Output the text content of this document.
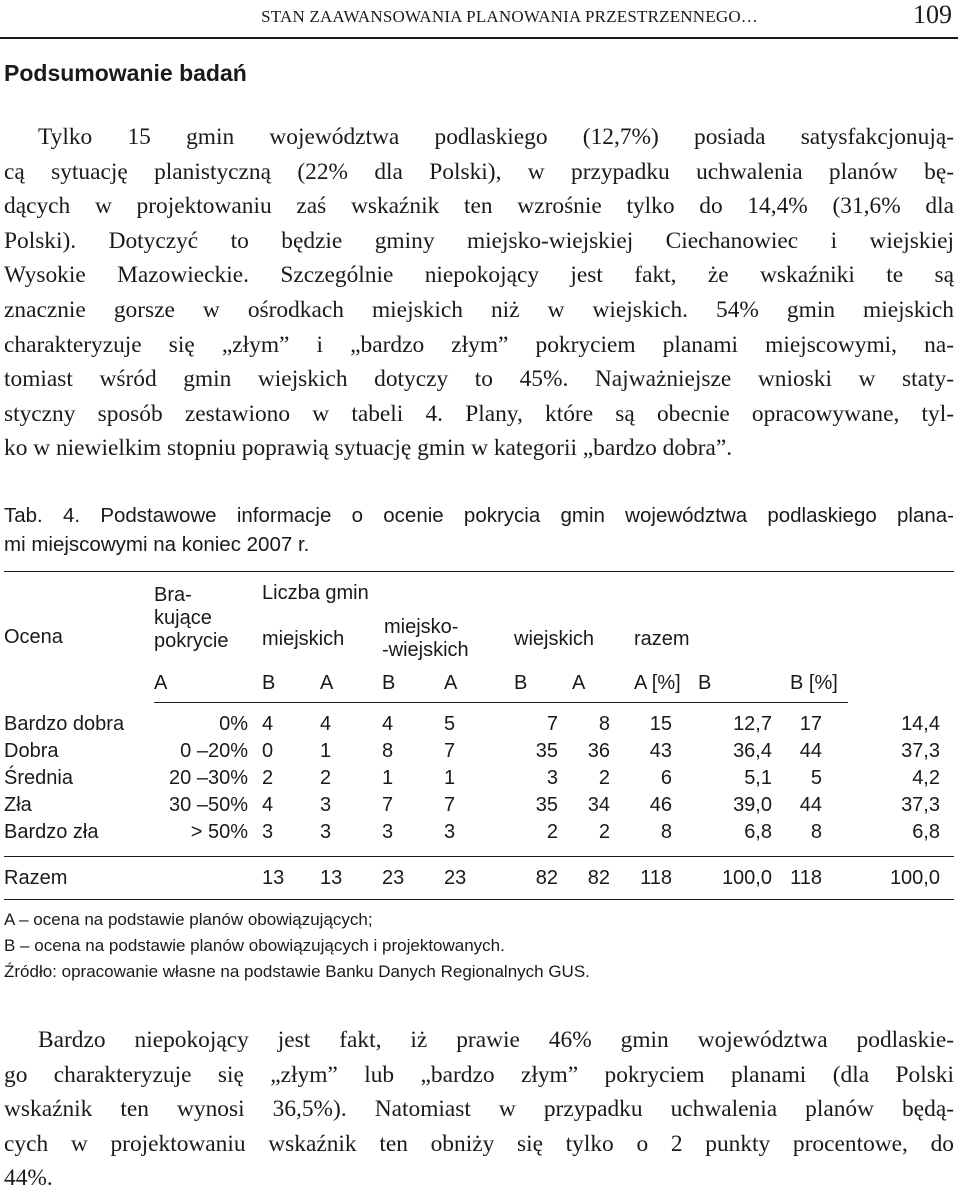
STAN ZAAWANSOWANIA PLANOWANIA PRZESTRZENNEGO…	109
Podsumowanie badań
Tylko 15 gmin województwa podlaskiego (12,7%) posiada satysfakcjonują-
cą sytuację planistyczną (22% dla Polski), w przypadku uchwalenia planów bę-
dących w projektowaniu zaś wskaźnik ten wzrośnie tylko do 14,4% (31,6% dla
Polski). Dotyczyć to będzie gminy miejsko-wiejskiej Ciechanowiec i wiejskiej
Wysokie Mazowieckie. Szczególnie niepokojący jest fakt, że wskaźniki te są
znacznie gorsze w ośrodkach miejskich niż w wiejskich. 54% gmin miejskich
charakteryzuje się „złym” i „bardzo złym” pokryciem planami miejscowymi, na-
tomiast wśród gmin wiejskich dotyczy to 45%. Najważniejsze wnioski w staty-
styczny sposób zestawiono w tabeli 4. Plany, które są obecnie opracowywane, tyl-
ko w niewielkim stopniu poprawią sytuację gmin w kategorii „bardzo dobra”.
Tab. 4. Podstawowe informacje o ocenie pokrycia gmin województwa podlaskiego plana-
mi miejscowymi na koniec 2007 r.
Ocena	Bra-
kujące
pokrycie	Liczba gmin									
		miejskich		miejsko-
-wiejskich		wiejskich		razem			
	A	B	A	B	A	B	A	A [%]	B	B [%]	
Bardzo dobra	0%	4	4	4	5	7	8	15	12,7	17	14,4
Dobra	0 –20%	0	1	8	7	35	36	43	36,4	44	37,3
Średnia	20 –30%	2	2	1	1	3	2	6	5,1	5	4,2
Zła	30 –50%	4	3	7	7	35	34	46	39,0	44	37,3
Bardzo zła	> 50%	3	3	3	3	2	2	8	6,8	8	6,8
Razem		13	13	23	23	82	82	118	100,0	118	100,0
A – ocena na podstawie planów obowiązujących;
B – ocena na podstawie planów obowiązujących i projektowanych.
Źródło: opracowanie własne na podstawie Banku Danych Regionalnych GUS.
Bardzo niepokojący jest fakt, iż prawie 46% gmin województwa podlaskie-
go charakteryzuje się „złym” lub „bardzo złym” pokryciem planami (dla Polski
wskaźnik ten wynosi 36,5%). Natomiast w przypadku uchwalenia planów będą-
cych w projektowaniu wskaźnik ten obniży się tylko o 2 punkty procentowe, do
44%.
